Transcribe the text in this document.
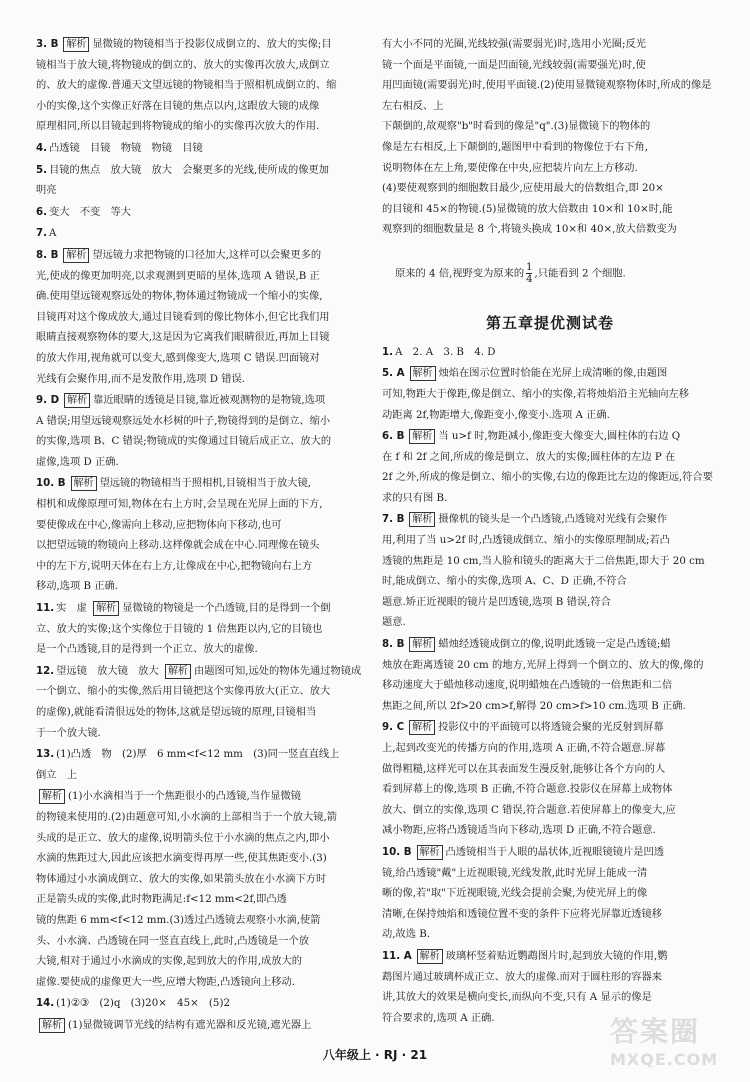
3. B 解析 显微镜的物镜相当于投影仪成倒立的、放大的实像;目
镜相当于放大镜,将物镜成的倒立的、放大的实像再次放大,成倒立
的、放大的虚像.普通天文望远镜的物镜相当于照相机成倒立的、缩
小的实像,这个实像正好落在目镜的焦点以内,这跟放大镜的成像
原理相同,所以目镜起到将物镜成的缩小的实像再次放大的作用.
4. 凸透镜　目镜　物镜　物镜　目镜
5. 目镜的焦点　放大镜　放大　会聚更多的光线,使所成的像更加
明亮
6. 变大　不变　等大
7. A
8. B 解析 望远镜力求把物镜的口径加大,这样可以会聚更多的
光,使成的像更加明亮,以求观测到更暗的星体,选项 A 错误,B 正
确.使用望远镜观察远处的物体,物体通过物镜成一个缩小的实像,
目镜再对这个像成放大,通过目镜看到的像比物体小,但它比我们用
眼睛直接观察物体的要大,这是因为它离我们眼睛很近,再加上目镜
的放大作用,视角就可以变大,感到像变大,选项 C 错误.凹面镜对
光线有会聚作用,而不是发散作用,选项 D 错误.
9. D 解析 靠近眼睛的透镜是目镜,靠近被观测物的是物镜,选项
A 错误;用望远镜观察远处水杉树的叶子,物镜得到的是倒立、缩小
的实像,选项 B、C 错误;物镜成的实像通过目镜后成正立、放大的
虚像,选项 D 正确.
10. B 解析 望远镜的物镜相当于照相机,目镜相当于放大镜,
相机和成像原理可知,物体在右上方时,会呈现在光屏上面的下方,
要使像成在中心,像需向上移动,应把物体向下移动,也可
以把望远镜的物镜向上移动.这样像就会成在中心.同理像在镜头
中的左下方,说明天体在右上方,让像成在中心,把物镜向右上方
移动,选项 B 正确.
11. 实　虚 解析 显微镜的物镜是一个凸透镜,目的是得到一个倒
立、放大的实像;这个实像位于目镜的 1 倍焦距以内,它的目镜也
是一个凸透镜,目的是得到一个正立、放大的虚像.
12. 望远镜　放大镜　放大 解析 由题图可知,远处的物体先通过物镜成
一个倒立、缩小的实像,然后用目镜把这个实像再放大(正立、放大
的虚像),就能看清很远处的物体,这就是望远镜的原理,目镜相当
于一个放大镜.
13. (1)凸透　物　(2)厚　6 mm<f<12 mm　(3)同一竖直直线上
倒立　上
解析 (1)小水滴相当于一个焦距很小的凸透镜,当作显微镜
的物镜来使用的.(2)由题意可知,小水滴的上部相当于一个放大镜,箭
头成的是正立、放大的虚像,说明箭头位于小水滴的焦点之内,即小
水滴的焦距过大,因此应该把水滴变得再厚一些,使其焦距变小.(3)
物体通过小水滴成倒立、放大的实像,如果箭头放在小水滴下方时
正是箭头成的实像,此时物距满足:f<12 mm<2f,即凸透
镜的焦距 6 mm<f<12 mm.(3)透过凸透镜去观察小水滴,使箭
头、小水滴、凸透镜在同一竖直直线上,此时,凸透镜是一个放
大镜,相对于通过小水滴成的实像,起到放大的作用,成放大的
虚像.要使成的虚像更大一些,应增大物距,凸透镜向上移动.
14. (1)②③　(2)q　(3)20×　45×　(5)2
解析 (1)显微镜调节光线的结构有遮光器和反光镜,遮光器上
有大小不同的光圈,光线较强(需要弱光)时,选用小光圈;反光
镜一个面是平面镜,一面是凹面镜,光线较弱(需要强光)时,使
用凹面镜(需要弱光)时,使用平面镜.(2)使用显微镜观察物体时,所成的像是左右相反、上
下颠倒的,故观察"b"时看到的像是"q".(3)显微镜下的物体的
像是左右相反,上下颠倒的,题图甲中看到的物像位于右下角,
说明物体在左上角,要使像在中央,应把装片向左上方移动.
(4)要使观察到的细胞数目最少,应使用最大的倍数组合,即 20×
的目镜和 45×的物镜.(5)显微镜的放大倍数由 10×和 10×时,能
观察到的细胞数量是 8 个,将镜头换成 10×和 40×,放大倍数变为

原来的 4 倍,视野变为原来的 $\frac{1}{4}$ ,只能看到 2 个细胞.

第五章提优测试卷
1. A　2. A　3. B　4. D
5. A 解析 烛焰在图示位置时恰能在光屏上成清晰的像,由题图
可知,物距大于像距,像是倒立、缩小的实像,若将烛焰沿主光轴向左移
动距离 2f,物距增大,像距变小,像变小.选项 A 正确.
6. B 解析 当 u>f 时,物距减小,像距变大像变大,圆柱体的右边 Q
在 f 和 2f 之间,所成的像是倒立、放大的实像;圆柱体的左边 P 在
2f 之外,所成的像是倒立、缩小的实像,右边的像距比左边的像距远,符合要
求的只有图 B.
7. B 解析 摄像机的镜头是一个凸透镜,凸透镜对光线有会聚作
用,利用了当 u>2f 时,凸透镜成倒立、缩小的实像原理制成;若凸
透镜的焦距是 10 cm,当人脸和镜头的距离大于二倍焦距,即大于 20 cm 时,能成倒立、缩小的实像,选项 A、C、D 正确,不符合
题意.矫正近视眼的镜片是凹透镜,选项 B 错误,符合
题意.
8. B 解析 蜡烛经透镜成倒立的像,说明此透镜一定是凸透镜;蜡
烛放在距离透镜 20 cm 的地方,光屏上得到一个倒立的、放大的像,像的
移动速度大于蜡烛移动速度,说明蜡烛在凸透镜的一倍焦距和二倍
焦距之间,所以 2f>20 cm>f,解得 20 cm>f>10 cm.选项 B 正确.
9. C 解析 投影仪中的平面镜可以将透镜会聚的光反射到屏幕
上,起到改变光的传播方向的作用,选项 A 正确,不符合题意.屏幕
做得粗糙,这样光可以在其表面发生漫反射,能够让各个方向的人
看到屏幕上的像,选项 B 正确,不符合题意.投影仪在屏幕上成物体
放大、倒立的实像,选项 C 错误,符合题意.若使屏幕上的像变大,应
减小物距,应将凸透镜适当向下移动,选项 D 正确,不符合题意.
10. B 解析 凸透镜相当于人眼的晶状体,近视眼镜镜片是凹透
镜,给凸透镜"戴"上近视眼镜,光线发散,此时光屏上能成一清
晰的像,若"取"下近视眼镜,光线会提前会聚,为使光屏上的像
清晰,在保持烛焰和透镜位置不变的条件下应将光屏靠近透镜移
动,故选 B.
11. A 解析 玻璃杯竖着贴近鹦鹉图片时,起到放大镜的作用,鹦
鹉图片通过玻璃杯成正立、放大的虚像.而对于圆柱形的容器来
讲,其放大的效果是横向变长,而纵向不变,只有 A 显示的像是
符合要求的,选项 A 正确.
八年级上 · RJ · 21
答案圈
MXQE.COM
